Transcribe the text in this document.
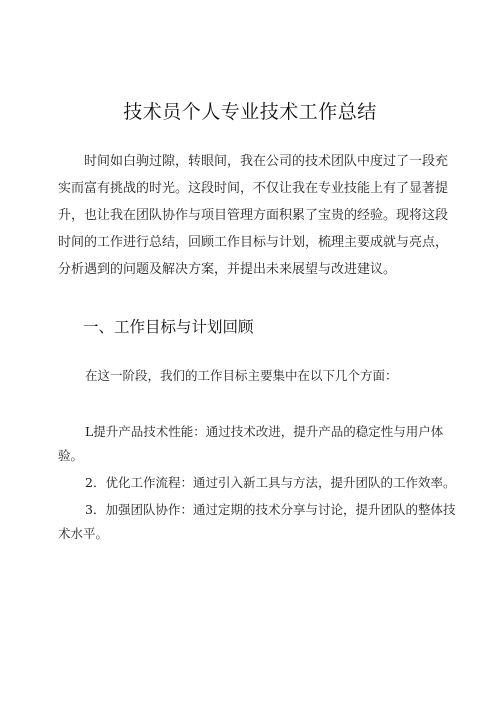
技术员个人专业技术工作总结

时间如白驹过隙，转眼间，我在公司的技术团队中度过了一段充实而富有挑战的时光。这段时间，不仅让我在专业技能上有了显著提升，也让我在团队协作与项目管理方面积累了宝贵的经验。现将这段时间的工作进行总结，回顾工作目标与计划，梳理主要成就与亮点，分析遇到的问题及解决方案，并提出未来展望与改进建议。

一、工作目标与计划回顾

在这一阶段，我们的工作目标主要集中在以下几个方面：

L提升产品技术性能：通过技术改进，提升产品的稳定性与用户体验。

2．优化工作流程：通过引入新工具与方法，提升团队的工作效率。

3．加强团队协作：通过定期的技术分享与讨论，提升团队的整体技术水平。
